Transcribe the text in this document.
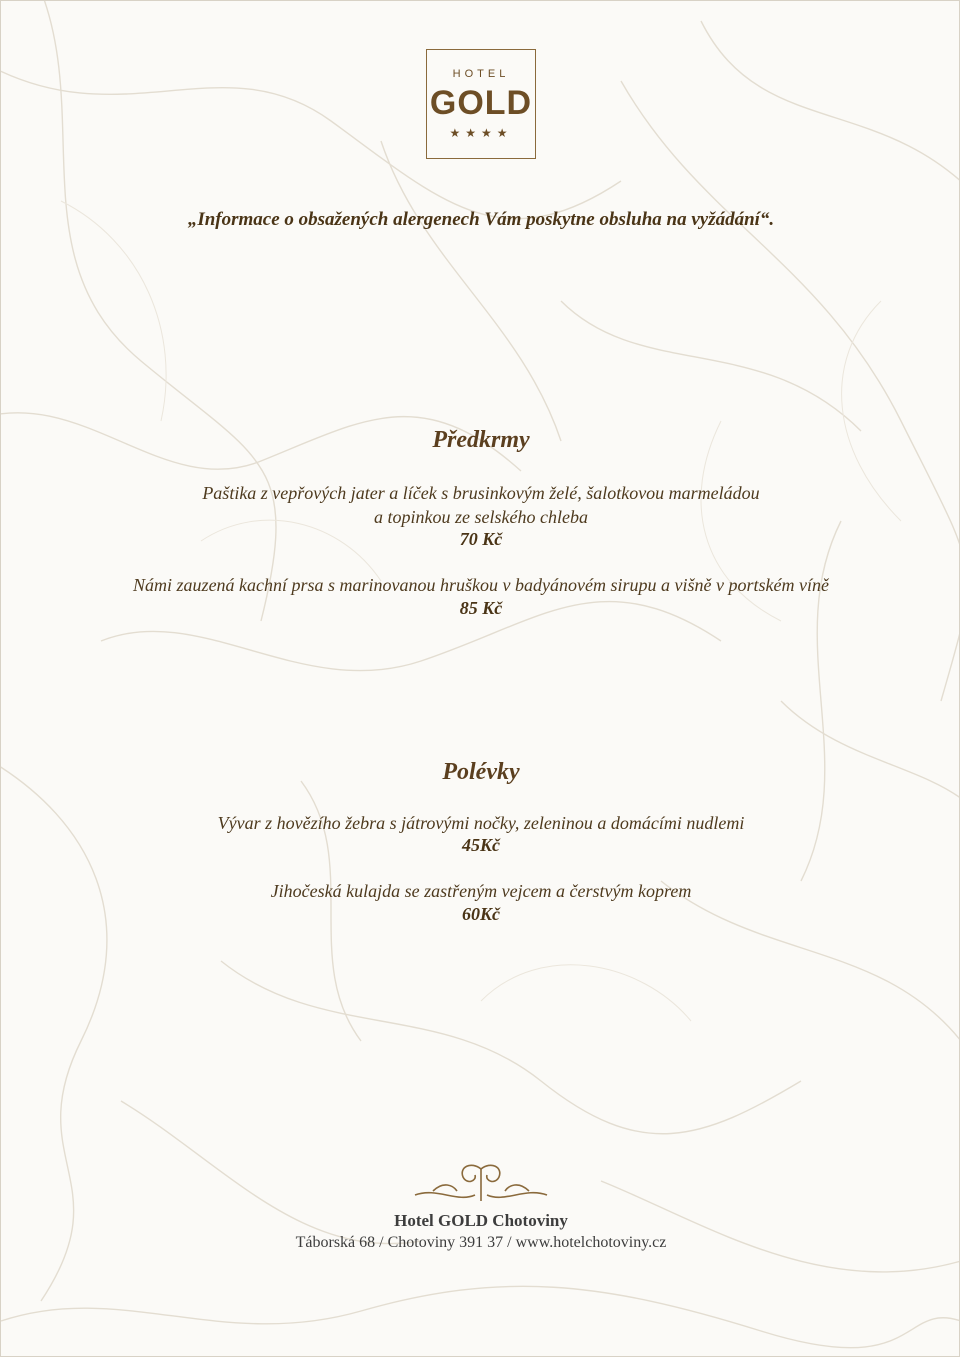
HOTEL
GOLD
★★★★
„Informace o obsažených alergenech Vám poskytne obsluha na vyžádání“.
Předkrmy
Paštika z vepřových jater a líček s brusinkovým želé, šalotkovou marmeládou
a topinkou ze selského chleba
70 Kč
Námi zauzená kachní prsa s marinovanou hruškou v badyánovém sirupu a višně v portském víně
85 Kč
Polévky
Vývar z hovězího žebra s játrovými nočky, zeleninou a domácími nudlemi
45Kč
Jihočeská kulajda se zastřeným vejcem a čerstvým koprem
60Kč
Hotel GOLD Chotoviny
Táborská 68 / Chotoviny 391 37 / www.hotelchotoviny.cz
